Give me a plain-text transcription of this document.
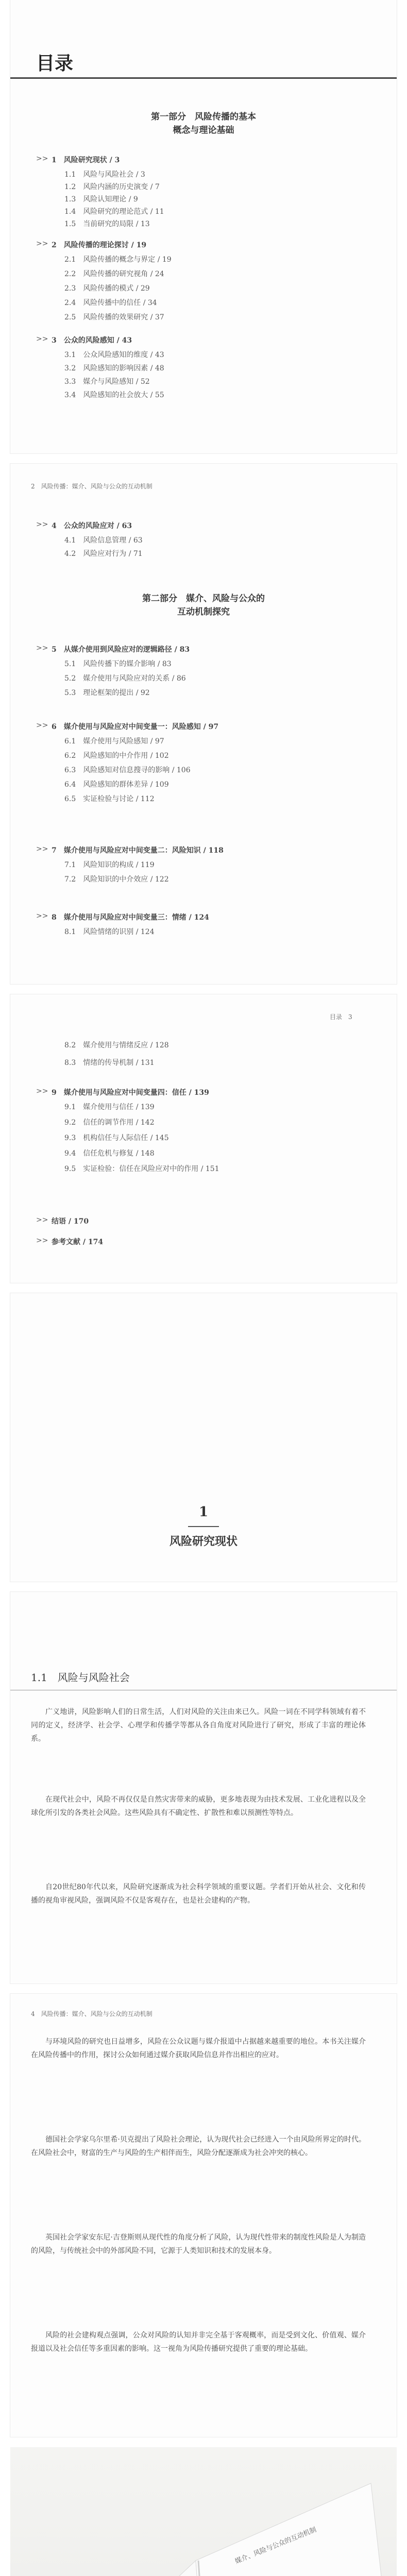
目录
第一部分　风险传播的基本
概念与理论基础
>> 1　风险研究现状 / 3
1.1　风险与风险社会 / 3
1.2　风险内涵的历史演变 / 7
1.3　风险认知理论 / 9
1.4　风险研究的理论范式 / 11
1.5　当前研究的局限 / 13
>> 2　风险传播的理论探讨 / 19
2.1　风险传播的概念与界定 / 19
2.2　风险传播的研究视角 / 24
2.3　风险传播的模式 / 29
2.4　风险传播中的信任 / 34
2.5　风险传播的效果研究 / 37
>> 3　公众的风险感知 / 43
3.1　公众风险感知的维度 / 43
3.2　风险感知的影响因素 / 48
3.3　媒介与风险感知 / 52
3.4　风险感知的社会放大 / 55
2　风险传播：媒介、风险与公众的互动机制
>> 4　公众的风险应对 / 63
4.1　风险信息管理 / 63
4.2　风险应对行为 / 71
第二部分　媒介、风险与公众的
互动机制探究
>> 5　从媒介使用到风险应对的逻辑路径 / 83
5.1　风险传播下的媒介影响 / 83
5.2　媒介使用与风险应对的关系 / 86
5.3　理论框架的提出 / 92
>> 6　媒介使用与风险应对中间变量一：风险感知 / 97
6.1　媒介使用与风险感知 / 97
6.2　风险感知的中介作用 / 102
6.3　风险感知对信息搜寻的影响 / 106
6.4　风险感知的群体差异 / 109
6.5　实证检验与讨论 / 112
>> 7　媒介使用与风险应对中间变量二：风险知识 / 118
7.1　风险知识的构成 / 119
7.2　风险知识的中介效应 / 122
>> 8　媒介使用与风险应对中间变量三：情绪 / 124
8.1　风险情绪的识别 / 124
目录　3
8.2　媒介使用与情绪反应 / 128
8.3　情绪的传导机制 / 131
>> 9　媒介使用与风险应对中间变量四：信任 / 139
9.1　媒介使用与信任 / 139
9.2　信任的调节作用 / 142
9.3　机构信任与人际信任 / 145
9.4　信任危机与修复 / 148
9.5　实证检验：信任在风险应对中的作用 / 151
>> 结语 / 170
>> 参考文献 / 174
1
风险研究现状
1.1　风险与风险社会
广义地讲，风险影响人们的日常生活，人们对风险的关注由来已久。风险一词在不同学科领域有着不同的定义，经济学、社会学、心理学和传播学等都从各自角度对风险进行了研究，形成了丰富的理论体系。
在现代社会中，风险不再仅仅是自然灾害带来的威胁，更多地表现为由技术发展、工业化进程以及全球化所引发的各类社会风险。这些风险具有不确定性、扩散性和难以预测性等特点。
自20世纪80年代以来，风险研究逐渐成为社会科学领域的重要议题。学者们开始从社会、文化和传播的视角审视风险，强调风险不仅是客观存在，也是社会建构的产物。
4　风险传播：媒介、风险与公众的互动机制
与环境风险的研究也日益增多，风险在公众议题与媒介报道中占据越来越重要的地位。本书关注媒介在风险传播中的作用，探讨公众如何通过媒介获取风险信息并作出相应的应对。
德国社会学家乌尔里希·贝克提出了风险社会理论，认为现代社会已经进入一个由风险所界定的时代。在风险社会中，财富的生产与风险的生产相伴而生，风险分配逐渐成为社会冲突的核心。
英国社会学家安东尼·吉登斯则从现代性的角度分析了风险，认为现代性带来的制度性风险是人为制造的风险，与传统社会中的外部风险不同，它源于人类知识和技术的发展本身。
风险的社会建构观点强调，公众对风险的认知并非完全基于客观概率，而是受到文化、价值观、媒介报道以及社会信任等多重因素的影响。这一视角为风险传播研究提供了重要的理论基础。
媒介、风险与公众的互动机制
